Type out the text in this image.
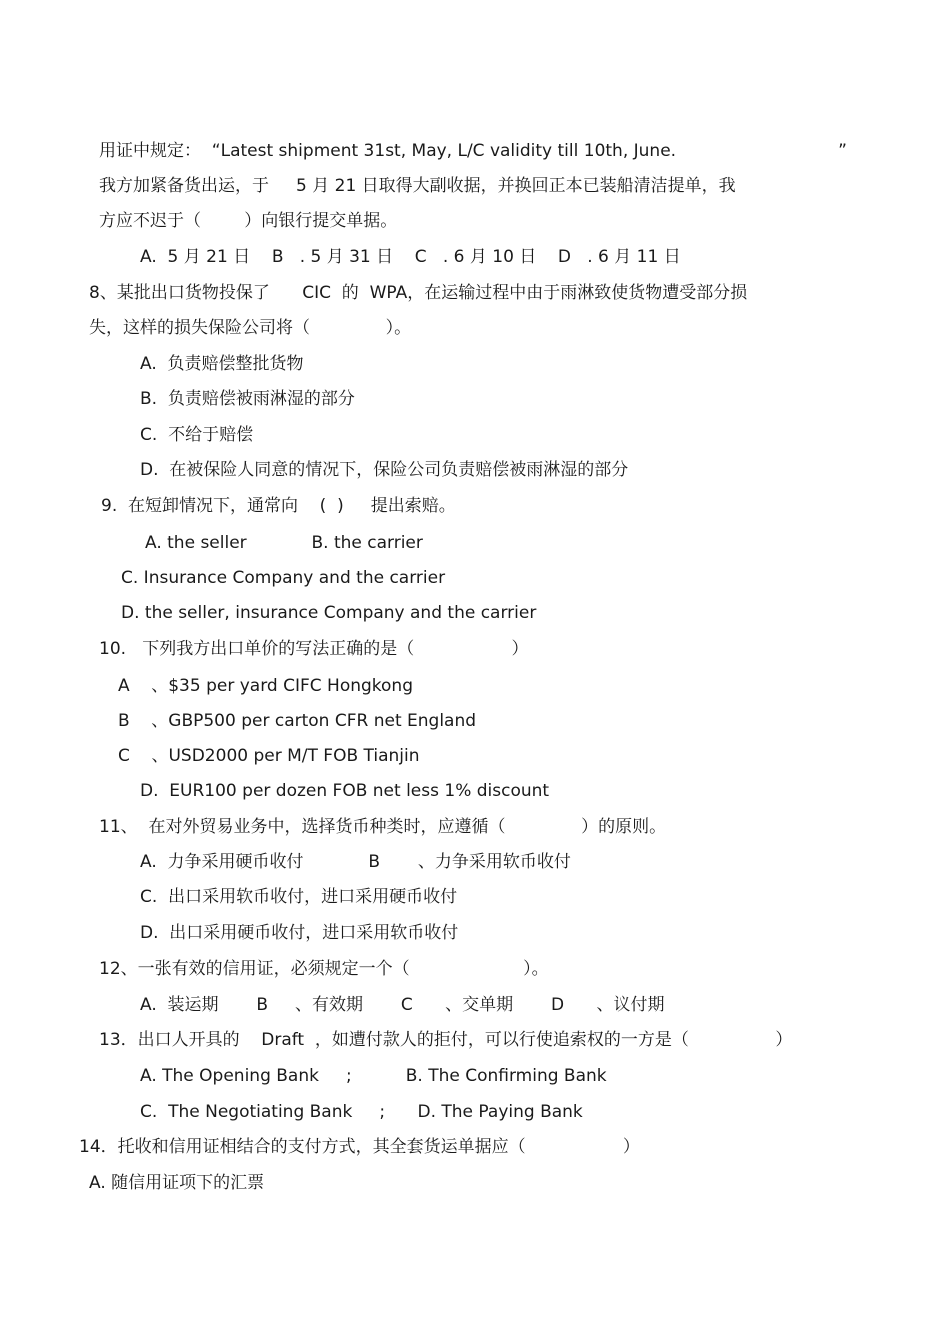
用证中规定：  “Latest shipment 31st, May, L/C validity till 10th, June.                              ”
我方加紧备货出运，于     5 月 21 日取得大副收据，并换回正本已装船清洁提单，我
方应不迟于（        ）向银行提交单据。
A.  5 月 21 日    B   . 5 月 31 日    C   . 6 月 10 日    D   . 6 月 11 日
8、某批出口货物投保了      CIC  的  WPA，在运输过程中由于雨淋致使货物遭受部分损
失，这样的损失保险公司将（              ）。
A.  负责赔偿整批货物
B.  负责赔偿被雨淋湿的部分
C.  不给于赔偿
D.  在被保险人同意的情况下，保险公司负责赔偿被雨淋湿的部分
9.  在短卸情况下，通常向    (  )     提出索赔。
A. the seller            B. the carrier
C. Insurance Company and the carrier
D. the seller, insurance Company and the carrier
10.   下列我方出口单价的写法正确的是（                  ）
A    、$35 per yard CIFC Hongkong
B    、GBP500 per carton CFR net England
C    、USD2000 per M/T FOB Tianjin
D.  EUR100 per dozen FOB net less 1% discount
11、  在对外贸易业务中，选择货币种类时，应遵循（              ）的原则。
A.  力争采用硬币收付            B       、力争采用软币收付
C.  出口采用软币收付，进口采用硬币收付
D.  出口采用硬币收付，进口采用软币收付
12、一张有效的信用证，必须规定一个（                     ）。
A.  装运期       B     、有效期       C      、交单期       D      、议付期
13．出口人开具的    Draft  ，如遭付款人的拒付，可以行使追索权的一方是（                ）
A. The Opening Bank     ;          B. The Confirming Bank
C.  The Negotiating Bank     ;      D. The Paying Bank
14．托收和信用证相结合的支付方式，其全套货运单据应（                  ）
A. 随信用证项下的汇票
